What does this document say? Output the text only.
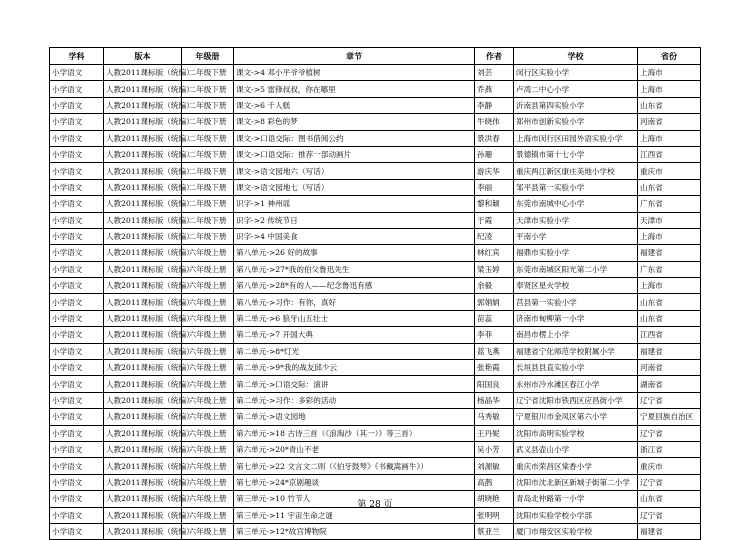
学科	版本	年级册	章节	作者	学校	省份
小学语文	人教2011课标版（统编）	二年级下册	课文->4 邓小平爷爷植树	刘芸	闵行区实验小学	上海市
小学语文	人教2011课标版（统编）	二年级下册	课文->5 雷锋叔叔，你在哪里	乔燕	卢湾二中心小学	上海市
小学语文	人教2011课标版（统编）	二年级下册	课文->6 千人糕	李静	沂南县第四实验小学	山东省
小学语文	人教2011课标版（统编）	二年级下册	课文->8 彩色的梦	牛晓伟	郑州市创新实验小学	河南省
小学语文	人教2011课标版（统编）	二年级下册	课文->口语交际：图书借阅公约	景洪春	上海市闵行区田园外语实验小学	上海市
小学语文	人教2011课标版（统编）	二年级下册	课文->口语交际：推荐一部动画片	孙珊	景德镇市第十七小学	江西省
小学语文	人教2011课标版（统编）	二年级下册	课文->语文园地六（写话）	游庆华	重庆两江新区康庄美地小学校	重庆市
小学语文	人教2011课标版（统编）	二年级下册	课文->语文园地七（写话）	李丽	邹平县第一实验小学	山东省
小学语文	人教2011课标版（统编）	二年级下册	识字->1 神州谣	黎和颖	东莞市南城中心小学	广东省
小学语文	人教2011课标版（统编）	二年级下册	识字->2 传统节日	于霞	天津市实验小学	天津市
小学语文	人教2011课标版（统编）	二年级下册	识字->4 中国美食	纪凌	平南小学	上海市
小学语文	人教2011课标版（统编）	六年级上册	第八单元->26 好的故事	林红宾	福鼎市实验小学	福建省
小学语文	人教2011课标版（统编）	六年级上册	第八单元->27*我的伯父鲁迅先生	梁玉婷	东莞市南城区阳光第二小学	广东省
小学语文	人教2011课标版（统编）	六年级上册	第八单元->28*有的人——纪念鲁迅有感	余毅	奉贤区星火学校	上海市
小学语文	人教2011课标版（统编）	六年级上册	第八单元->习作：有你，真好	郭娟娟	莒县第一实验小学	山东省
小学语文	人教2011课标版（统编）	六年级上册	第二单元->6 狼牙山五壮士	苗蕊	济南市甸柳第一小学	山东省
小学语文	人教2011课标版（统编）	六年级上册	第二单元->7 开国大典	李菲	南昌市楞上小学	江西省
小学语文	人教2011课标版（统编）	六年级上册	第二单元->8*灯光	蓝飞燕	福建省宁化师范学校附属小学	福建省
小学语文	人教2011课标版（统编）	六年级上册	第二单元->9*我的战友邱少云	张艳霞	长垣县县直实验小学	河南省
小学语文	人教2011课标版（统编）	六年级上册	第二单元->口语交际：演讲	阳国良	永州市冷水滩区春江小学	湖南省
小学语文	人教2011课标版（统编）	六年级上册	第二单元->习作：多彩的活动	杨晶华	辽宁省沈阳市铁西区应昌街小学	辽宁省
小学语文	人教2011课标版（统编）	六年级上册	第二单元->语文园地	马秀敏	宁夏银川市金凤区第六小学	宁夏回族自治区
小学语文	人教2011课标版（统编）	六年级上册	第六单元->18 古诗三首（《浪淘沙（其一）》等三首）	王丹妮	沈阳市高明实验学校	辽宁省
小学语文	人教2011课标版（统编）	六年级上册	第六单元->20*青山不老	吴小芳	武义县壶山小学	浙江省
小学语文	人教2011课标版（统编）	六年级上册	第七单元->22 文言文二则（《伯牙鼓琴》《书戴嵩画牛》）	刘源敏	重庆市荣昌区棠香小学	重庆市
小学语文	人教2011课标版（统编）	六年级上册	第七单元->24*京剧趣谈	高鹊	沈阳市沈北新区新城子街第二小学	辽宁省
小学语文	人教2011课标版（统编）	六年级上册	第三单元->10 竹节人	胡晓艳	青岛北仲路第一小学	山东省
小学语文	人教2011课标版（统编）	六年级上册	第三单元->11 宇宙生命之谜	张明明	沈阳市实验学校小学部	辽宁省
小学语文	人教2011课标版（统编）	六年级上册	第三单元->12*故宫博物院	蔡亚兰	厦门市翔安区实验学校	福建省
第 28 页
